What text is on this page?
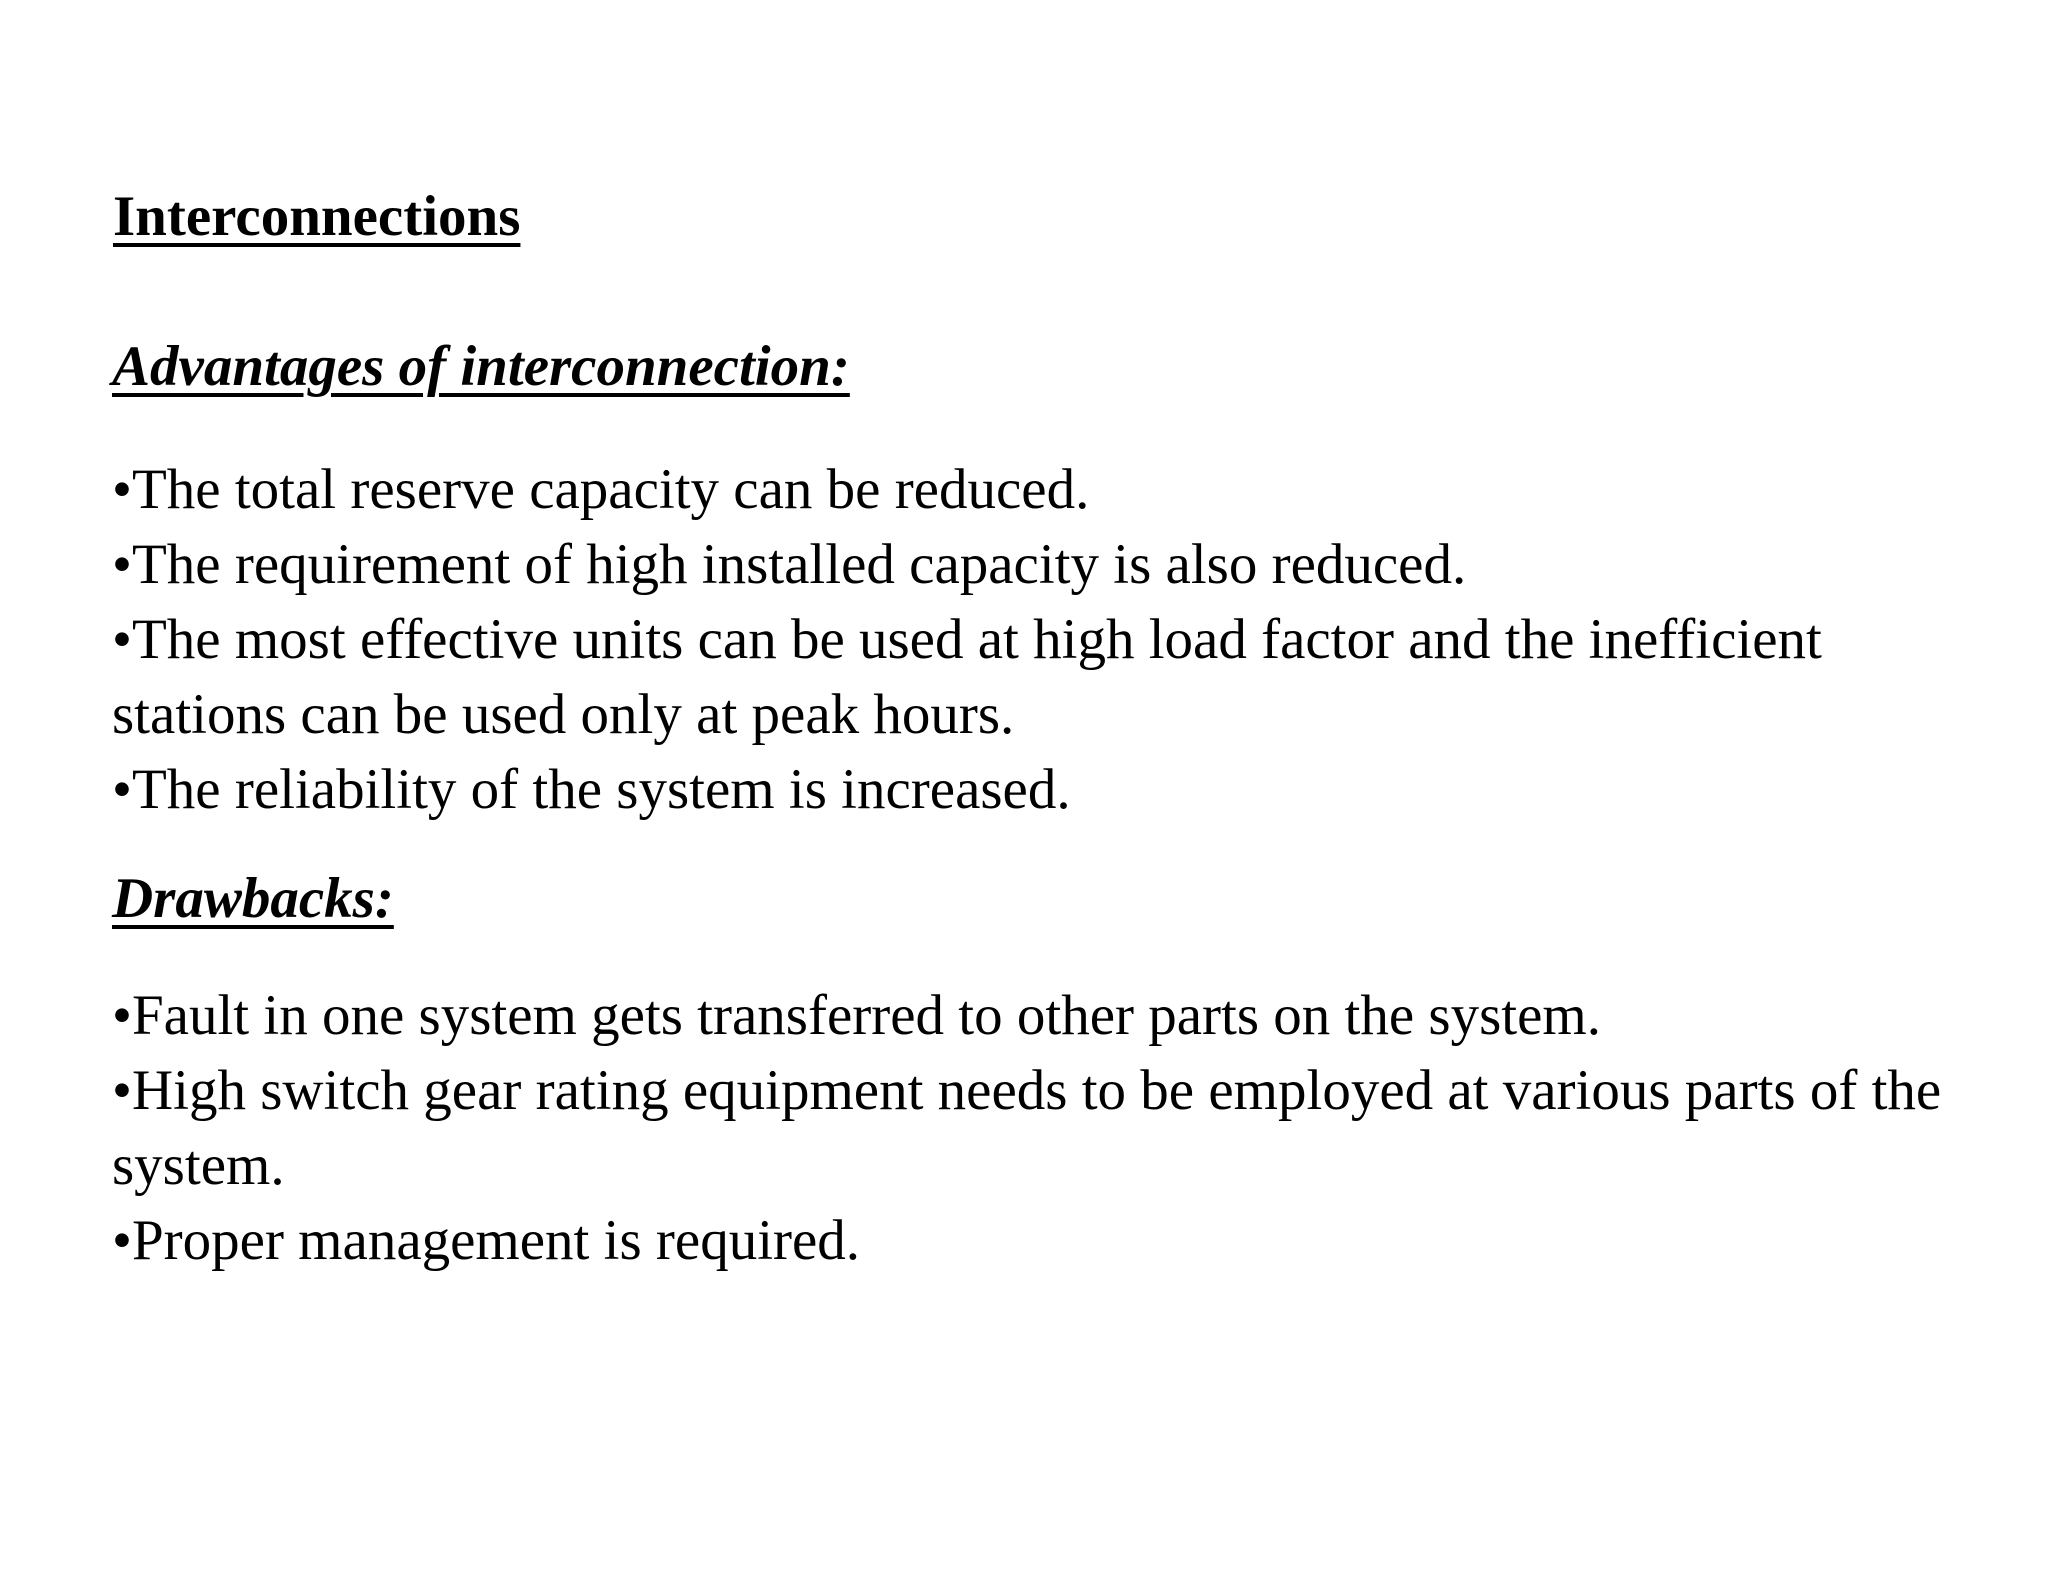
Interconnections
Advantages of interconnection:
•The total reserve capacity can be reduced.
•The requirement of high installed capacity is also reduced.
•The most effective units can be used at high load factor and the inefficient stations can be used only at peak hours.
•The reliability of the system is increased.
Drawbacks:
•Fault in one system gets transferred to other parts on the system.
•High switch gear rating equipment needs to be employed at various parts of the system.
•Proper management is required.
